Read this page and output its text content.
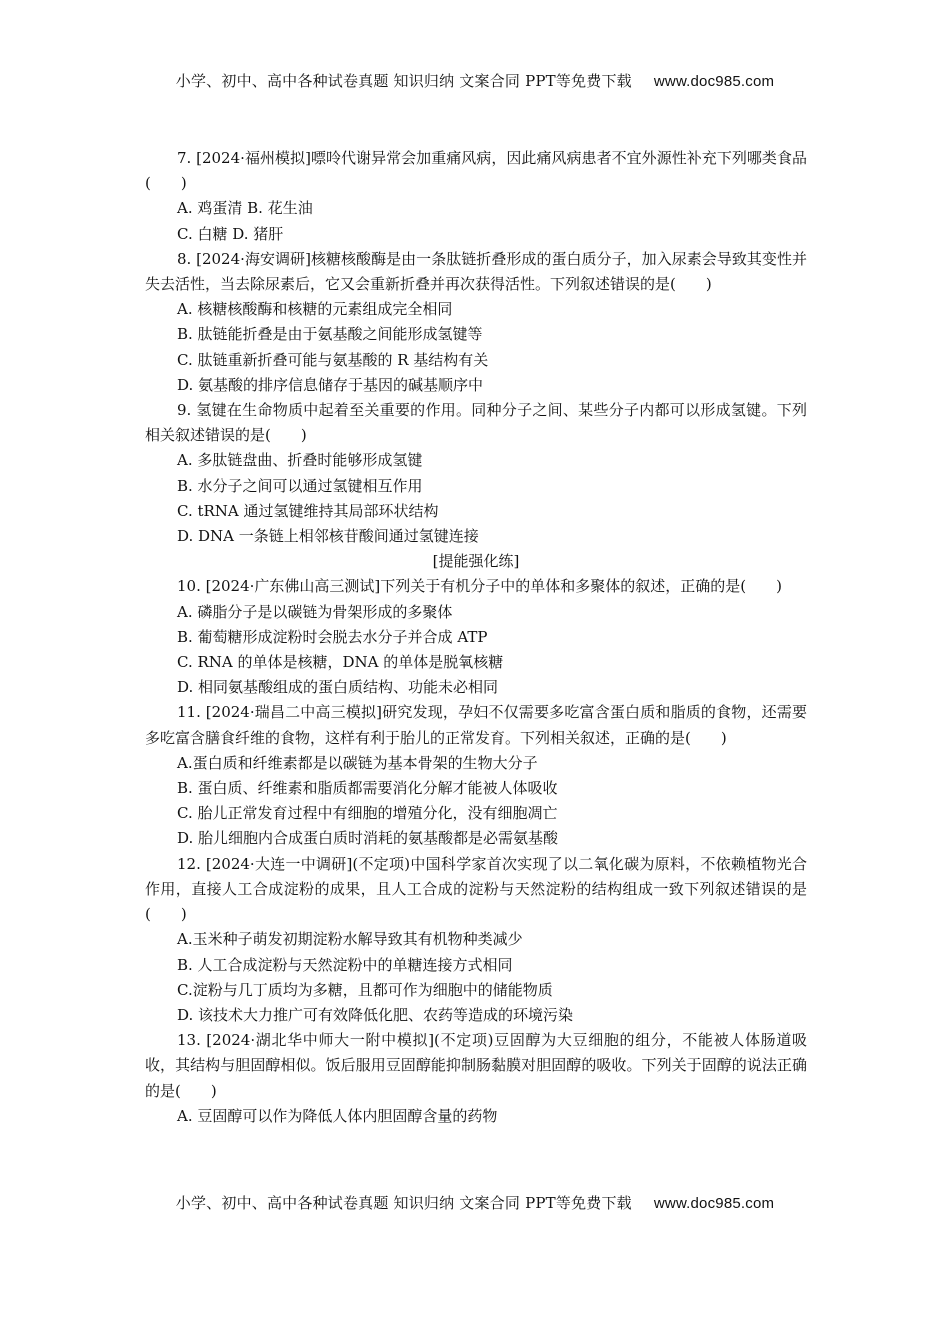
小学、初中、高中各种试卷真题 知识归纳 文案合同 PPT等免费下载 www.doc985.com
7. [2024·福州模拟]嘌呤代谢异常会加重痛风病，因此痛风病患者不宜外源性补充下列哪类食品(　　)
A. 鸡蛋清 B. 花生油
C. 白糖 D. 猪肝
8. [2024·海安调研]核糖核酸酶是由一条肽链折叠形成的蛋白质分子，加入尿素会导致其变性并失去活性，当去除尿素后，它又会重新折叠并再次获得活性。下列叙述错误的是(　　)
A. 核糖核酸酶和核糖的元素组成完全相同
B. 肽链能折叠是由于氨基酸之间能形成氢键等
C. 肽链重新折叠可能与氨基酸的 R 基结构有关
D. 氨基酸的排序信息储存于基因的碱基顺序中
9. 氢键在生命物质中起着至关重要的作用。同种分子之间、某些分子内都可以形成氢键。下列相关叙述错误的是(　　)
A. 多肽链盘曲、折叠时能够形成氢键
B. 水分子之间可以通过氢键相互作用
C. tRNA 通过氢键维持其局部环状结构
D. DNA 一条链上相邻核苷酸间通过氢键连接
[提能强化练]
10. [2024·广东佛山高三测试]下列关于有机分子中的单体和多聚体的叙述，正确的是(　　)
A. 磷脂分子是以碳链为骨架形成的多聚体
B. 葡萄糖形成淀粉时会脱去水分子并合成 ATP
C. RNA 的单体是核糖，DNA 的单体是脱氧核糖
D. 相同氨基酸组成的蛋白质结构、功能未必相同
11. [2024·瑞昌二中高三模拟]研究发现，孕妇不仅需要多吃富含蛋白质和脂质的食物，还需要多吃富含膳食纤维的食物，这样有利于胎儿的正常发育。下列相关叙述，正确的是(　　)
A.蛋白质和纤维素都是以碳链为基本骨架的生物大分子
B. 蛋白质、纤维素和脂质都需要消化分解才能被人体吸收
C. 胎儿正常发育过程中有细胞的增殖分化，没有细胞凋亡
D. 胎儿细胞内合成蛋白质时消耗的氨基酸都是必需氨基酸
12. [2024·大连一中调研](不定项)中国科学家首次实现了以二氧化碳为原料，不依赖植物光合作用，直接人工合成淀粉的成果，且人工合成的淀粉与天然淀粉的结构组成一致下列叙述错误的是(　　)
A.玉米种子萌发初期淀粉水解导致其有机物种类减少
B. 人工合成淀粉与天然淀粉中的单糖连接方式相同
C.淀粉与几丁质均为多糖，且都可作为细胞中的储能物质
D. 该技术大力推广可有效降低化肥、农药等造成的环境污染
13. [2024·湖北华中师大一附中模拟](不定项)豆固醇为大豆细胞的组分，不能被人体肠道吸收，其结构与胆固醇相似。饭后服用豆固醇能抑制肠黏膜对胆固醇的吸收。下列关于固醇的说法正确的是(　　)
A. 豆固醇可以作为降低人体内胆固醇含量的药物
小学、初中、高中各种试卷真题 知识归纳 文案合同 PPT等免费下载 www.doc985.com
